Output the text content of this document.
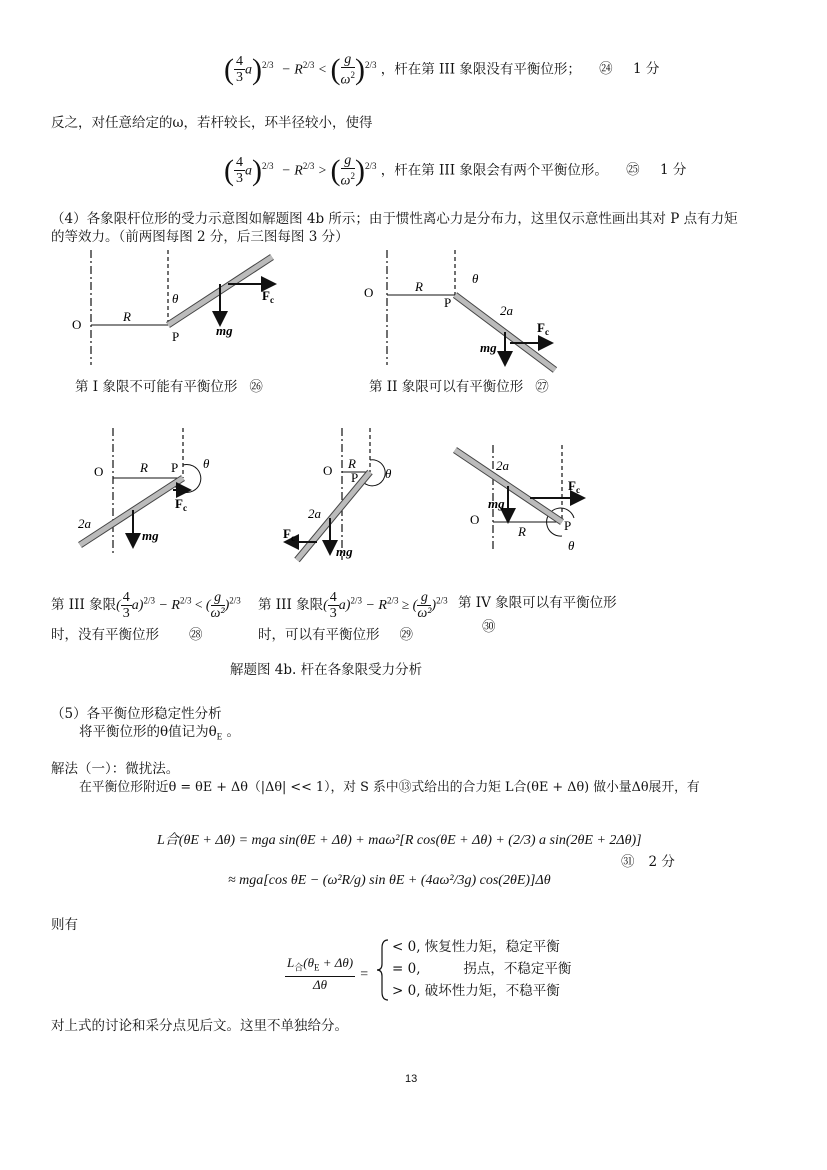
( $\frac{4}{3} a)^{2/3} - R^{2/3}$ < ( $\frac{g}{\omega^2} )^{2/3}$ ，杆在第 III 象限没有平衡位形； ㉔ 1 分
反之，对任意给定的ω，若杆较长，环半径较小，使得
( $\frac{4}{3} a)^{2/3} - R^{2/3}$ > ( $\frac{g}{\omega^2} )^{2/3}$ ，杆在第 III 象限会有两个平衡位形。 ㉕ 1 分
（4）各象限杆位形的受力示意图如解题图 4b 所示；由于惯性离心力是分布力，这里仅示意性画出其对 P 点有力矩
的等效力。（前两图每图 2 分，后三图每图 3 分）
O
R
P
θ	$F_c$
mg
第 I 象限不可能有平衡位形 ㉖
O	R
P
θ
2a
$F_c$
mg
第 II 象限可以有平衡位形 ㉗
O	R P θ
2a
$F_c$
mg
O R
P θ
2a
$F_c$
mg
O
R	P
θ
2a
$F_c$
mg
第 III 象限( $\frac{4}{3} a)^{2/3} - R^{2/3}$ < ( $\frac{g}{\text{ω²}} )^{2/3}$
时，没有平衡位形 ㉘
第 III 象限( $\frac{4}{3} a)^{2/3} - R^{2/3}$ ≥ ( $\frac{g}{\text{ω²}} )^{2/3}$
时，可以有平衡位形 ㉙
第 IV 象限可以有平衡位形
㉚
解题图 4b. 杆在各象限受力分析
（5）各平衡位形稳定性分析
将平衡位形的θ值记为$\theta_E$ 。
解法（一）：微扰法。
在平衡位形附近θ = θE + Δθ（|Δθ| << 1），对 S 系中⑬式给出的合力矩 L合(θE + Δθ) 做小量Δθ展开，有
L合(θE + Δθ) = mga sin(θE + Δθ) + maω²[R cos(θE + Δθ) + (2/3) a sin(2θE + 2Δθ)]
≈ mga[cos θE − (ω²R/g) sin θE + (4aω²/3g) cos(2θE)]Δθ
㉛ 2 分
则有
$\frac{L_合(\theta_E + \Delta\theta)}{\Delta\theta}$ =
< 0, 恢复性力矩，稳定平衡
= 0,          拐点，不稳定平衡
> 0, 破坏性力矩，不稳平衡
对上式的讨论和采分点见后文。这里不单独给分。
13
